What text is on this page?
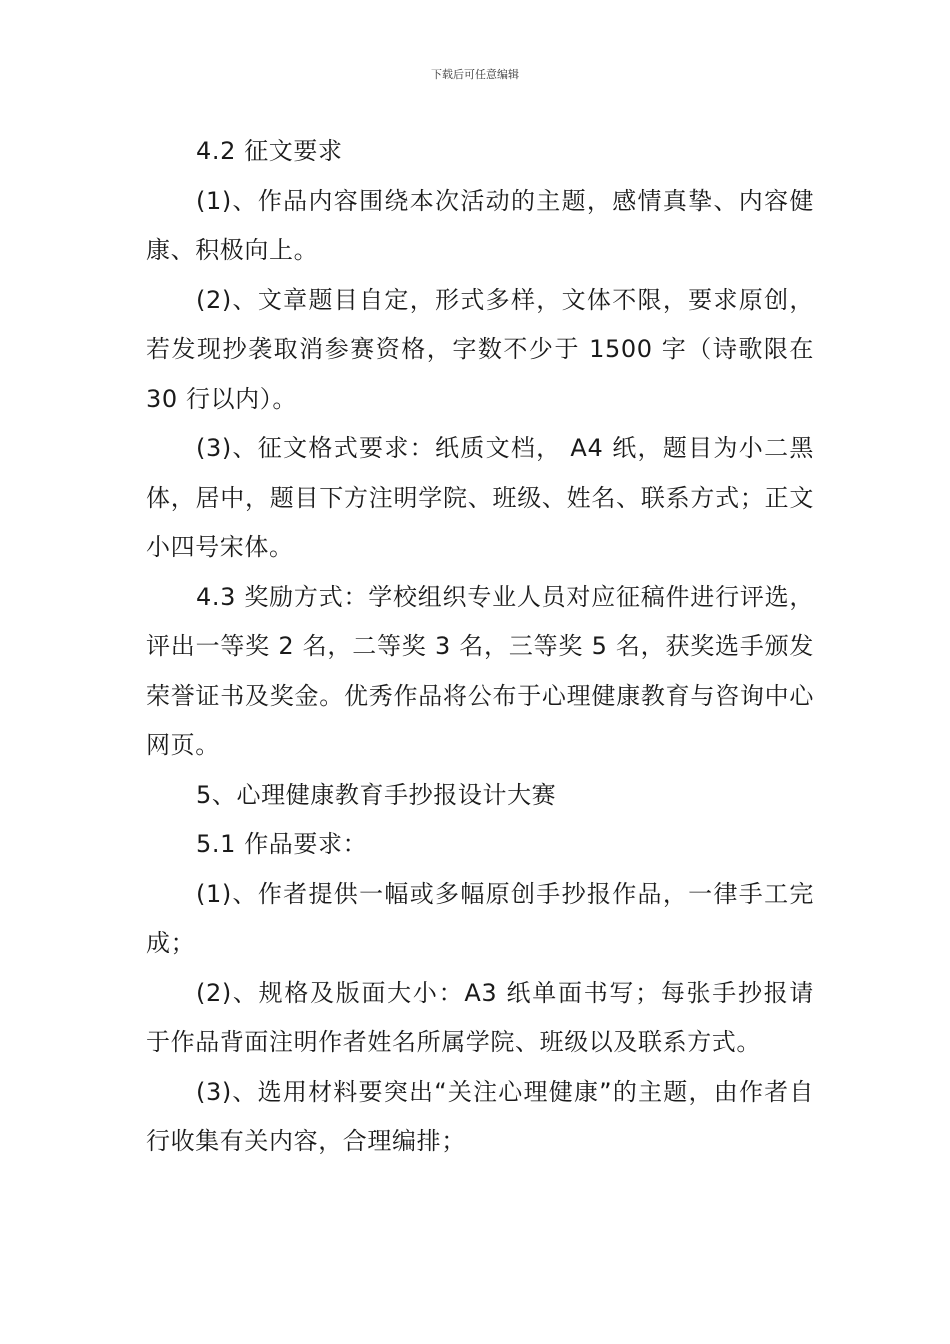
下载后可任意编辑

4.2 征文要求

(1)、作品内容围绕本次活动的主题，感情真挚、内容健康、积极向上。

(2)、文章题目自定，形式多样，文体不限，要求原创，若发现抄袭取消参赛资格，字数不少于 1500 字（诗歌限在 30 行以内）。

(3)、征文格式要求：纸质文档， A4 纸，题目为小二黑体，居中，题目下方注明学院、班级、姓名、联系方式；正文小四号宋体。

4.3 奖励方式：学校组织专业人员对应征稿件进行评选，评出一等奖 2 名，二等奖 3 名，三等奖 5 名，获奖选手颁发荣誉证书及奖金。优秀作品将公布于心理健康教育与咨询中心网页。

5、心理健康教育手抄报设计大赛

5.1 作品要求：

(1)、作者提供一幅或多幅原创手抄报作品，一律手工完成；

(2)、规格及版面大小：A3 纸单面书写；每张手抄报请于作品背面注明作者姓名所属学院、班级以及联系方式。

(3)、选用材料要突出“关注心理健康”的主题，由作者自行收集有关内容，合理编排；
